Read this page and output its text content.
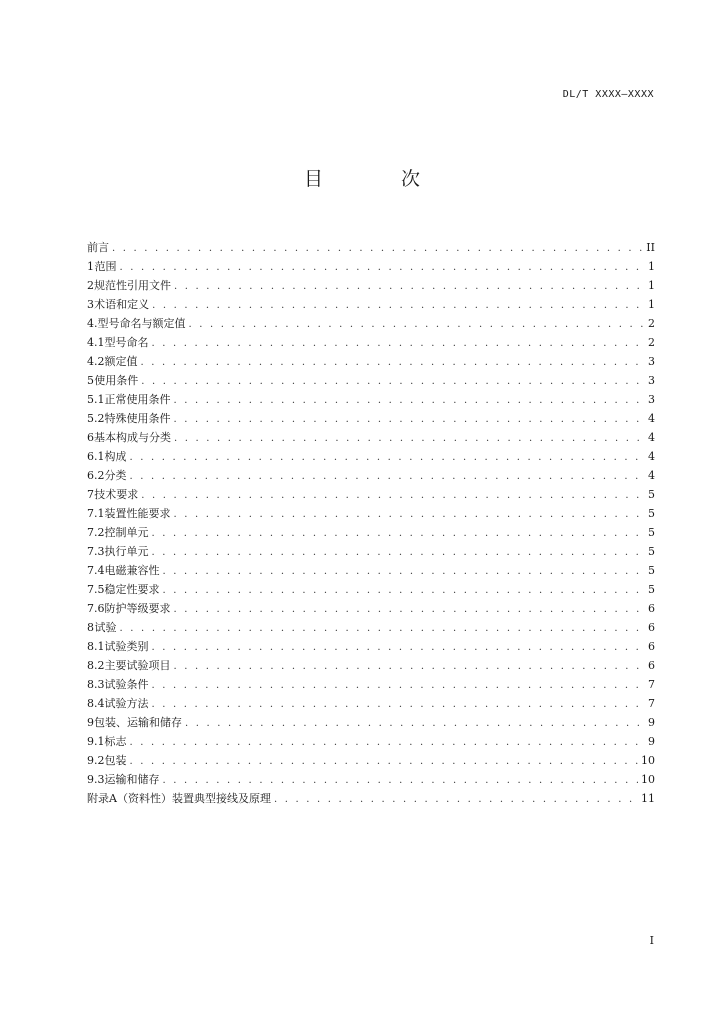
DL/T XXXX—XXXX
目 次
前言 . . .	II
1 范围 . . .	1
2 规范性引用文件 . . .	1
3 术语和定义 . . .	1
4. 型号命名与额定值 . . .	2
4.1 型号命名 . . .	2
4.2 额定值 . . .	3
5 使用条件 . . .	3
5.1 正常使用条件 . . .	3
5.2 特殊使用条件 . . .	4
6 基本构成与分类 . . .	4
6.1 构成 . . .	4
6.2 分类 . . .	4
7 技术要求 . . .	5
7.1 装置性能要求 . . .	5
7.2 控制单元 . . .	5
7.3 执行单元 . . .	5
7.4 电磁兼容性 . . .	5
7.5 稳定性要求 . . .	5
7.6 防护等级要求 . . .	6
8 试验 . . .	6
8.1 试验类别 . . .	6
8.2 主要试验项目 . . .	6
8.3 试验条件 . . .	7
8.4 试验方法 . . .	7
9 包装、运输和储存 . . .	9
9.1 标志 . . .	9
9.2 包装 . . .	10
9.3 运输和储存 . . .	10
附录A（资料性）装置典型接线及原理 . . .	11
I
